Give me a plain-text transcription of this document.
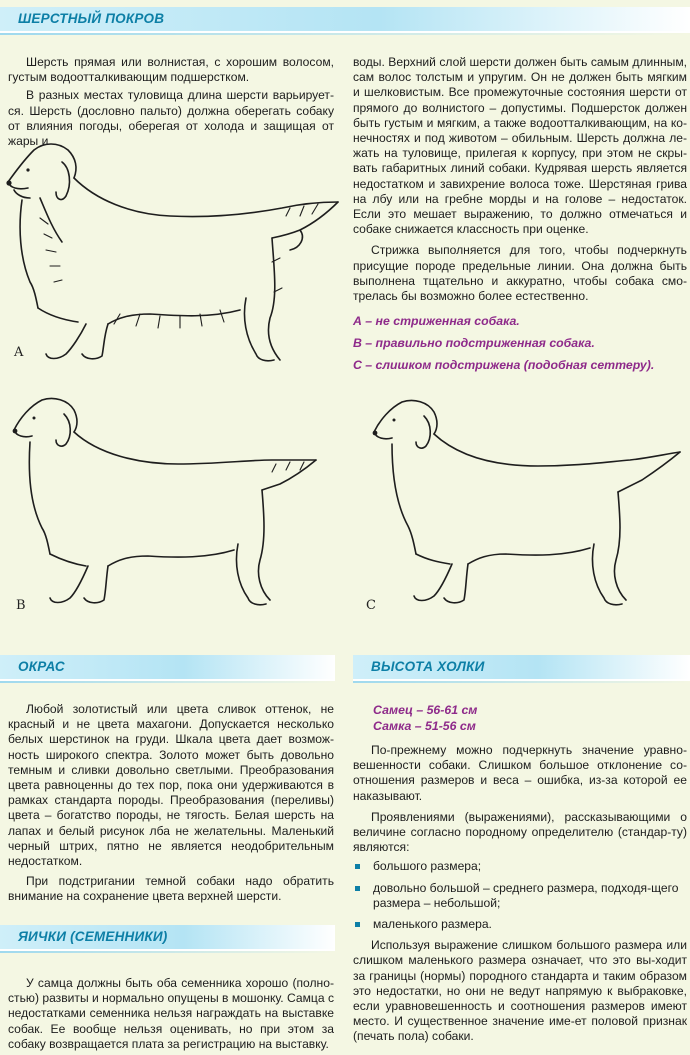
ШЕРСТНЫЙ ПОКРОВ

Шерсть прямая или волнистая, с хорошим волосом, густым водоотталкивающим подшерстком.

В разных местах туловища длина шерсти варьирует-ся. Шерсть (дословно пальто) должна оберегать собаку от влияния погоды, оберегая от холода и защищая от жары и

воды. Верхний слой шерсти должен быть самым длинным, сам волос толстым и упругим. Он не должен быть мягким и шелковистым. Все промежуточные состояния шерсти от прямого до волнистого – допустимы. Подшерсток должен быть густым и мягким, а также водоотталкивающим, на ко-нечностях и под животом – обильным. Шерсть должна ле-жать на туловище, прилегая к корпусу, при этом не скры-вать габаритных линий собаки. Кудрявая шерсть является недостатком и завихрение волоса тоже. Шерстяная грива на лбу или на гребне морды и на голове – недостаток. Если это мешает выражению, то должно отмечаться и собаке снижается классность при оценке.

Стрижка выполняется для того, чтобы подчеркнуть присущие породе предельные линии. Она должна быть выполнена тщательно и аккуратно, чтобы собака смо-трелась бы возможно более естественно.

А – не стриженная собака.
В – правильно подстриженная собака.
С – слишком подстрижена (подобная сеттеру).
A
B	C
ОКРАС

Любой золотистый или цвета сливок оттенок, не красный и не цвета махагони. Допускается несколько белых шерстинок на груди. Шкала цвета дает возмож-ность широкого спектра. Золото может быть довольно темным и сливки довольно светлыми. Преобразования цвета равноценны до тех пор, пока они удерживаются в рамках стандарта породы. Преобразования (переливы) цвета – богатство породы, не тягость. Белая шерсть на лапах и белый рисунок лба не желательны. Маленький черный штрих, пятно не является неодобрительным недостатком.

При подстригании темной собаки надо обратить внимание на сохранение цвета верхней шерсти.

ЯИЧКИ (СЕМЕННИКИ)

У самца должны быть оба семенника хорошо (полно-стью) развиты и нормально опущены в мошонку. Самца с недостатками семенника нельзя награждать на выставке собак. Ее вообще нельзя оценивать, но при этом за собаку возвращается плата за регистрацию на выставку.

ВЫСОТА ХОЛКИ
Самец – 56-61 см
Самка – 51-56 см

По-прежнему можно подчеркнуть значение уравно-вешенности собаки. Слишком большое отклонение со-отношения размеров и веса – ошибка, из-за которой ее наказывают.

Проявлениями (выражениями), рассказывающими о величине согласно породному определителю (стандар-ту) являются:

большого размера;
довольно большой – среднего размера, подходя-щего размера – небольшой;
маленького размера.

Используя выражение слишком большого размера или слишком маленького размера означает, что это вы-ходит за границы (нормы) породного стандарта и таким образом это недостатки, но они не ведут напрямую к выбраковке, если уравновешенность и соотношения размеров имеют место. И существенное значение име-ет половой признак (печать пола) собаки.
